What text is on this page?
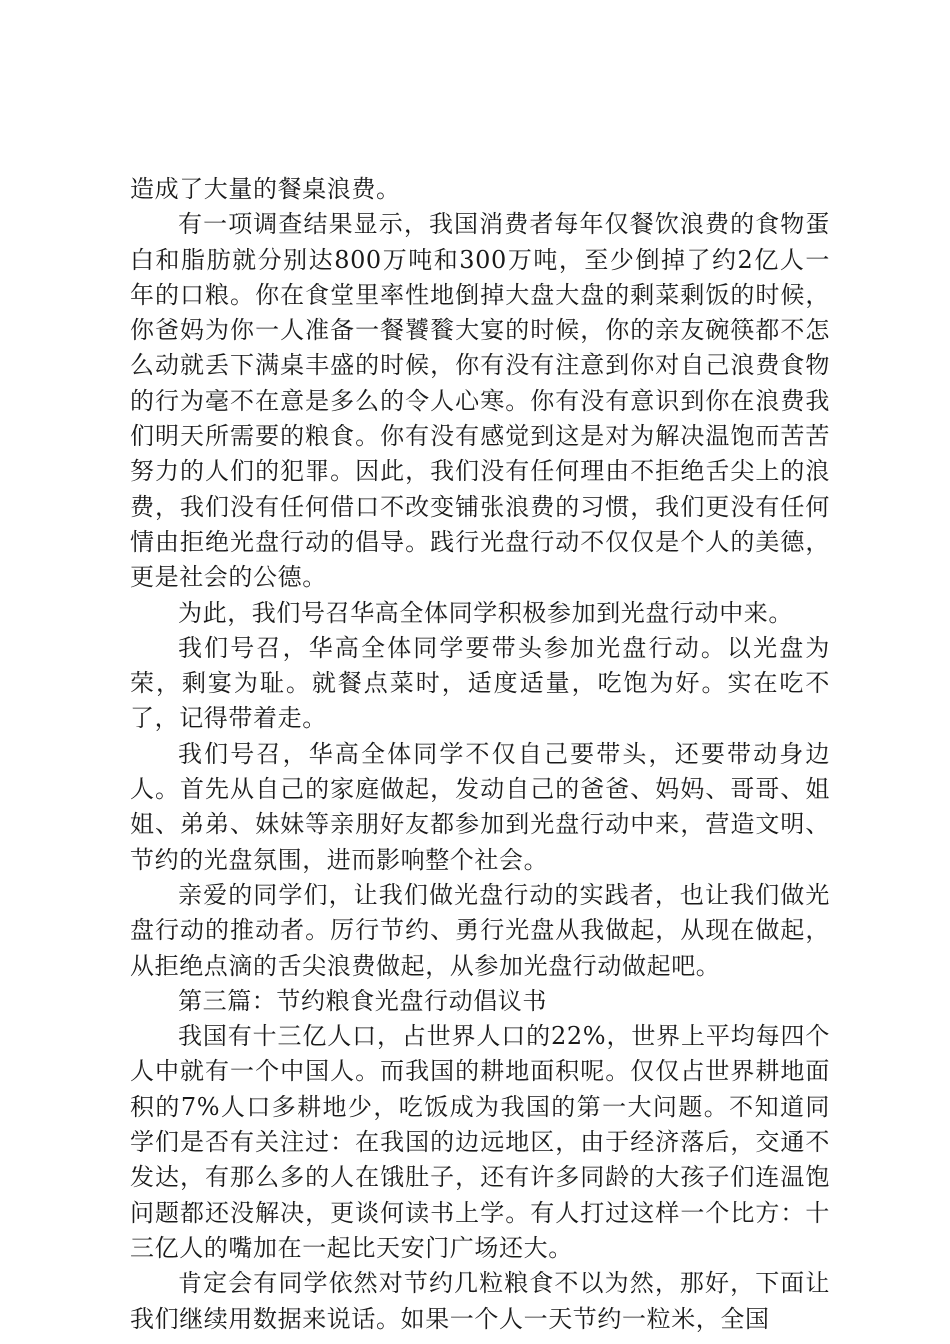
造成了大量的餐桌浪费。

有一项调查结果显示，我国消费者每年仅餐饮浪费的食物蛋白和脂肪就分别达800万吨和300万吨，至少倒掉了约2亿人一年的口粮。你在食堂里率性地倒掉大盘大盘的剩菜剩饭的时候，你爸妈为你一人准备一餐饕餮大宴的时候，你的亲友碗筷都不怎么动就丢下满桌丰盛的时候，你有没有注意到你对自己浪费食物的行为毫不在意是多么的令人心寒。你有没有意识到你在浪费我们明天所需要的粮食。你有没有感觉到这是对为解决温饱而苦苦努力的人们的犯罪。因此，我们没有任何理由不拒绝舌尖上的浪费，我们没有任何借口不改变铺张浪费的习惯，我们更没有任何情由拒绝光盘行动的倡导。践行光盘行动不仅仅是个人的美德，更是社会的公德。

为此，我们号召华高全体同学积极参加到光盘行动中来。

我们号召，华高全体同学要带头参加光盘行动。以光盘为荣，剩宴为耻。就餐点菜时，适度适量，吃饱为好。实在吃不了，记得带着走。

我们号召，华高全体同学不仅自己要带头，还要带动身边人。首先从自己的家庭做起，发动自己的爸爸、妈妈、哥哥、姐姐、弟弟、妹妹等亲朋好友都参加到光盘行动中来，营造文明、节约的光盘氛围，进而影响整个社会。

亲爱的同学们，让我们做光盘行动的实践者，也让我们做光盘行动的推动者。厉行节约、勇行光盘从我做起，从现在做起，从拒绝点滴的舌尖浪费做起，从参加光盘行动做起吧。

第三篇：节约粮食光盘行动倡议书

我国有十三亿人口，占世界人口的22%，世界上平均每四个人中就有一个中国人。而我国的耕地面积呢。仅仅占世界耕地面积的7%人口多耕地少，吃饭成为我国的第一大问题。不知道同学们是否有关注过：在我国的边远地区，由于经济落后，交通不发达，有那么多的人在饿肚子，还有许多同龄的大孩子们连温饱问题都还没解决，更谈何读书上学。有人打过这样一个比方：十三亿人的嘴加在一起比天安门广场还大。

肯定会有同学依然对节约几粒粮食不以为然，那好，下面让我们继续用数据来说话。如果一个人一天节约一粒米，全国
